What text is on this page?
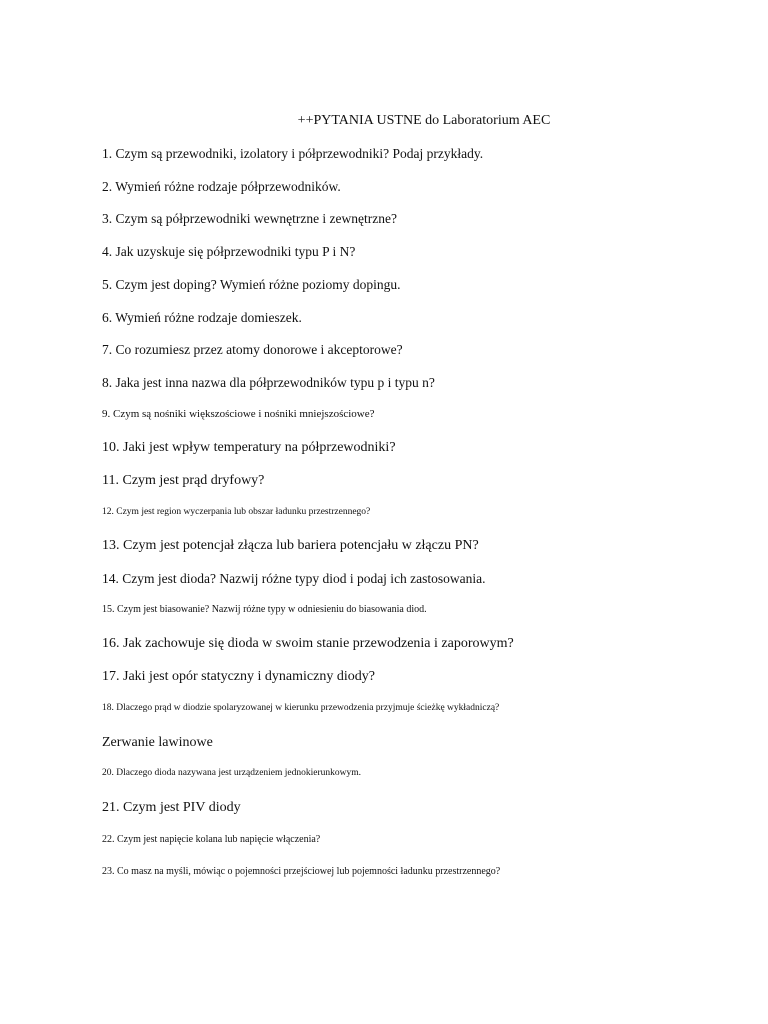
++PYTANIA USTNE do Laboratorium AEC
1. Czym są przewodniki, izolatory i półprzewodniki? Podaj przykłady.
2. Wymień różne rodzaje półprzewodników.
3. Czym są półprzewodniki wewnętrzne i zewnętrzne?
4. Jak uzyskuje się półprzewodniki typu P i N?
5. Czym jest doping? Wymień różne poziomy dopingu.
6. Wymień różne rodzaje domieszek.
7. Co rozumiesz przez atomy donorowe i akceptorowe?
8. Jaka jest inna nazwa dla półprzewodników typu p i typu n?
9. Czym są nośniki większościowe i nośniki mniejszościowe?
10. Jaki jest wpływ temperatury na półprzewodniki?
11. Czym jest prąd dryfowy?
12. Czym jest region wyczerpania lub obszar ładunku przestrzennego?
13. Czym jest potencjał złącza lub bariera potencjału w złączu PN?
14. Czym jest dioda? Nazwij różne typy diod i podaj ich zastosowania.
15. Czym jest biasowanie? Nazwij różne typy w odniesieniu do biasowania diod.
16. Jak zachowuje się dioda w swoim stanie przewodzenia i zaporowym?
17. Jaki jest opór statyczny i dynamiczny diody?
18. Dlaczego prąd w diodzie spolaryzowanej w kierunku przewodzenia przyjmuje ścieżkę wykładniczą?
Zerwanie lawinowe
20. Dlaczego dioda nazywana jest urządzeniem jednokierunkowym.
21. Czym jest PIV diody
22. Czym jest napięcie kolana lub napięcie włączenia?
23. Co masz na myśli, mówiąc o pojemności przejściowej lub pojemności ładunku przestrzennego?
